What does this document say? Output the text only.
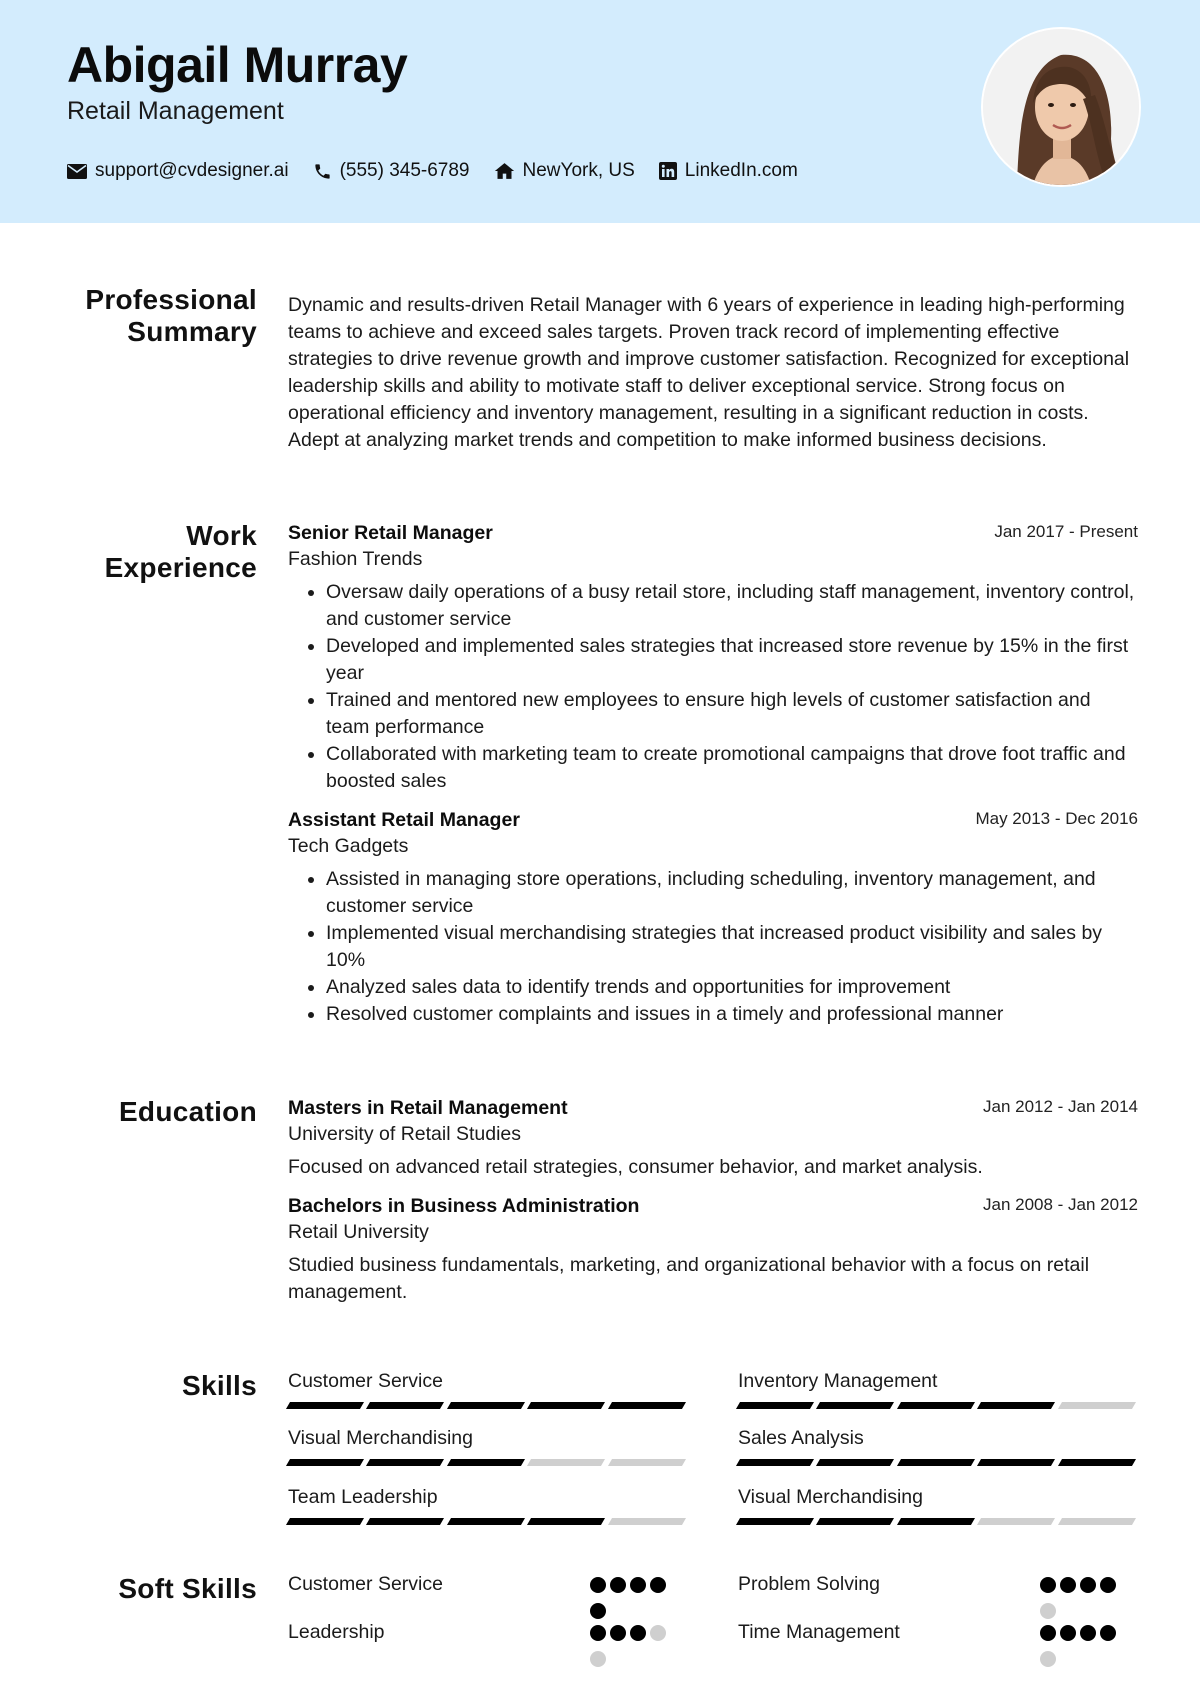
Abigail Murray
Retail Management
support@cvdesigner.ai	(555) 345-6789	NewYork, US	LinkedIn.com
Professional Summary

Dynamic and results-driven Retail Manager with 6 years of experience in leading high-performing teams to achieve and exceed sales targets. Proven track record of implementing effective strategies to drive revenue growth and improve customer satisfaction. Recognized for exceptional leadership skills and ability to motivate staff to deliver exceptional service. Strong focus on operational efficiency and inventory management, resulting in a significant reduction in costs. Adept at analyzing market trends and competition to make informed business decisions.

Work Experience
Senior Retail Manager	Jan 2017 - Present
Fashion Trends
• Oversaw daily operations of a busy retail store, including staff management, inventory control, and customer service
• Developed and implemented sales strategies that increased store revenue by 15% in the first year
• Trained and mentored new employees to ensure high levels of customer satisfaction and team performance
• Collaborated with marketing team to create promotional campaigns that drove foot traffic and boosted sales
Assistant Retail Manager	May 2013 - Dec 2016
Tech Gadgets
• Assisted in managing store operations, including scheduling, inventory management, and customer service
• Implemented visual merchandising strategies that increased product visibility and sales by 10%
• Analyzed sales data to identify trends and opportunities for improvement
• Resolved customer complaints and issues in a timely and professional manner
Education Masters in Retail Management	Jan 2012 - Jan 2014
University of Retail Studies

Focused on advanced retail strategies, consumer behavior, and market analysis.

Bachelors in Business Administration	Jan 2008 - Jan 2012
Retail University

Studied business fundamentals, marketing, and organizational behavior with a focus on retail management.

Skills Customer Service	Inventory Management
Visual Merchandising	Sales Analysis
Team Leadership	Visual Merchandising
Soft Skills Customer Service	Problem Solving
Leadership	Time Management
